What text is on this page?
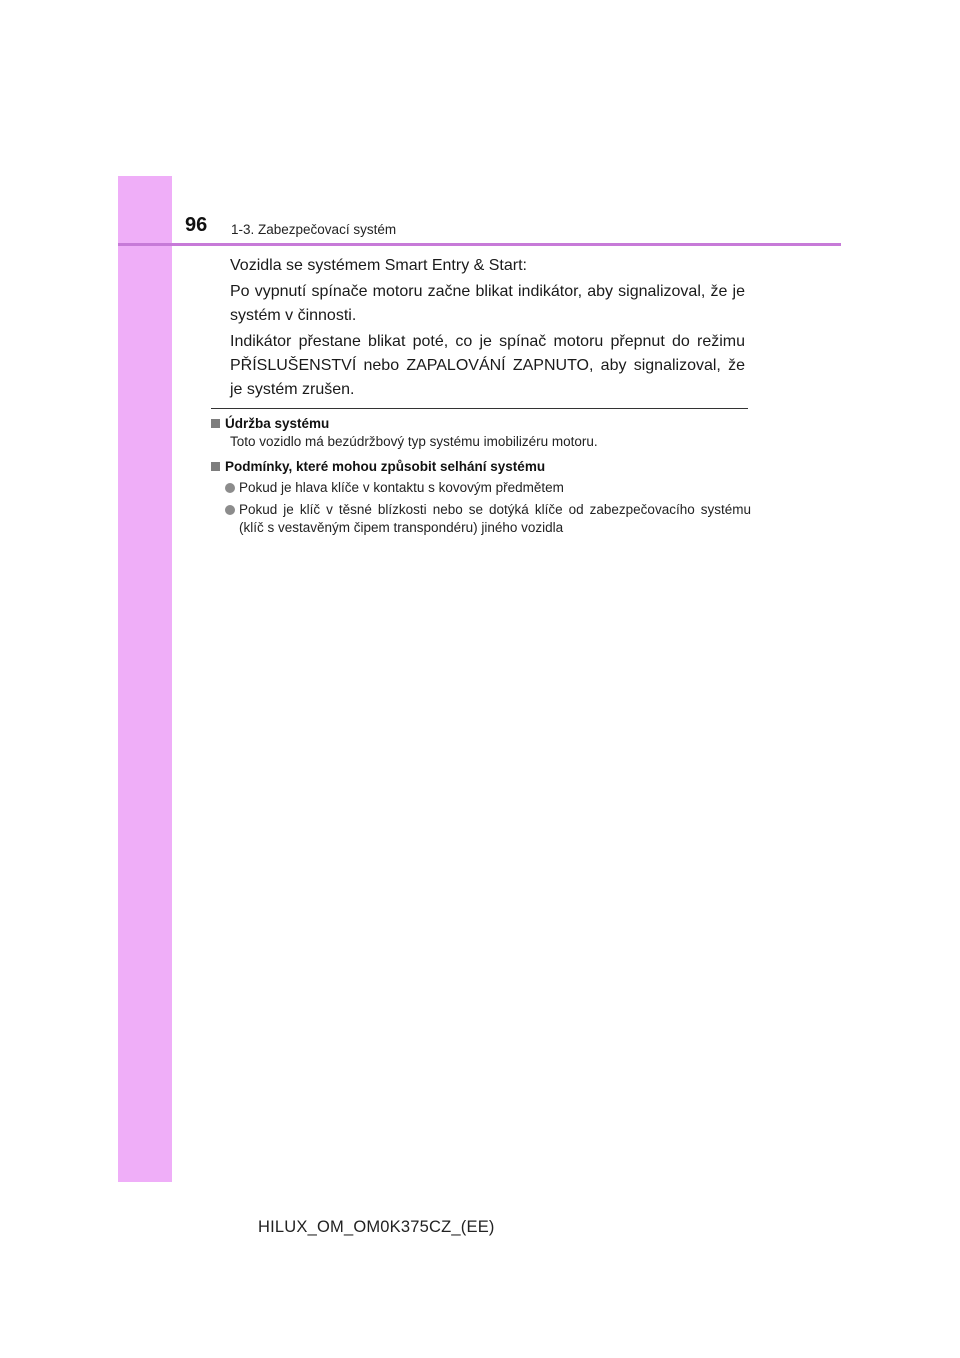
96 1-3. Zabezpečovací systém
Vozidla se systémem Smart Entry & Start:
Po vypnutí spínače motoru začne blikat indikátor, aby signalizoval, že je systém v činnosti.
Indikátor přestane blikat poté, co je spínač motoru přepnut do režimu PŘÍSLUŠENSTVÍ nebo ZAPALOVÁNÍ ZAPNUTO, aby signalizoval, že je systém zrušen.
Údržba systému
Toto vozidlo má bezúdržbový typ systému imobilizéru motoru.
Podmínky, které mohou způsobit selhání systému
Pokud je hlava klíče v kontaktu s kovovým předmětem
Pokud je klíč v těsné blízkosti nebo se dotýká klíče od zabezpečovacího systému (klíč s vestavěným čipem transpondéru) jiného vozidla
HILUX_OM_OM0K375CZ_(EE)
